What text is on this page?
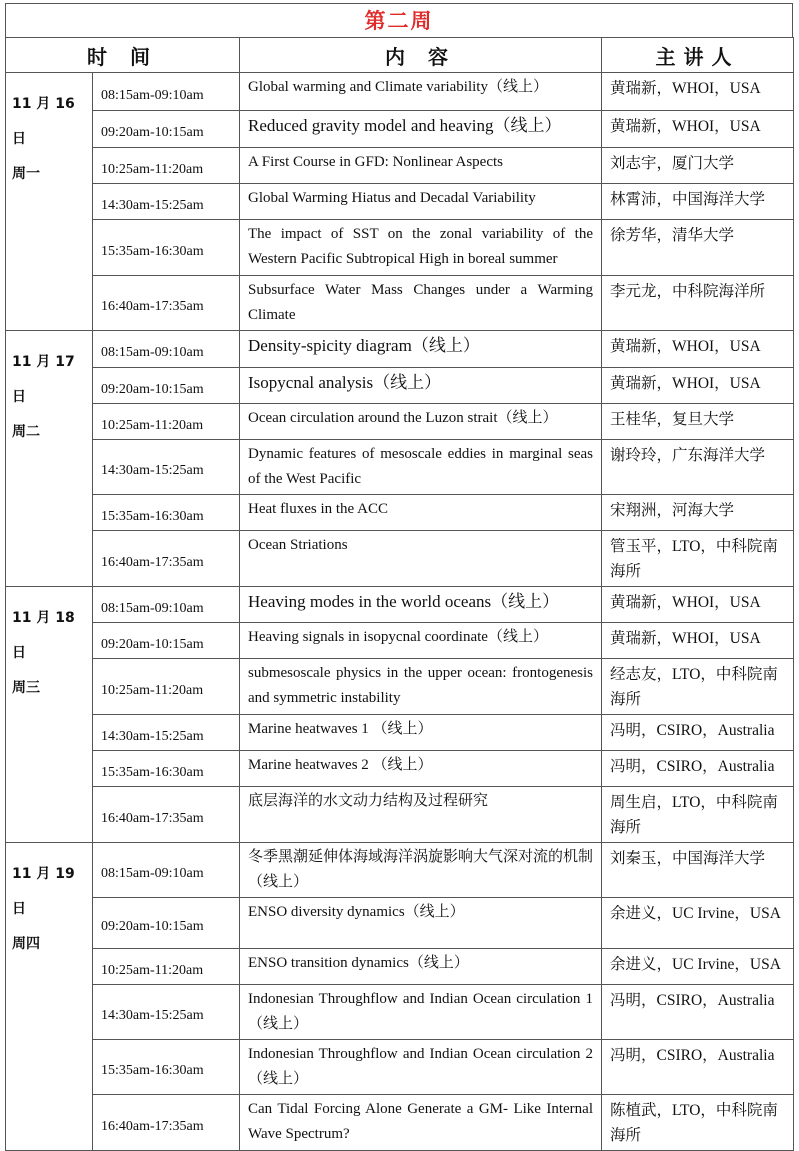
第二周
时 间		内 容	主讲人

11 月 16 日
周一	08:15am-09:10am	Global warming and Climate variability（线上）	黄瑞新，WHOI，USA
	09:20am-10:15am	Reduced gravity model and heaving（线上）	黄瑞新，WHOI，USA
	10:25am-11:20am	A First Course in GFD: Nonlinear Aspects	刘志宇，厦门大学
	14:30am-15:25am	Global Warming Hiatus and Decadal Variability	林霄沛，中国海洋大学
	15:35am-16:30am	The impact of SST on the zonal variability of the Western Pacific Subtropical High in boreal summer	徐芳华，清华大学
	16:40am-17:35am	Subsurface Water Mass Changes under a Warming Climate	李元龙，中科院海洋所

11 月 17 日
周二	08:15am-09:10am	Density-spicity diagram（线上）	黄瑞新，WHOI，USA
	09:20am-10:15am	Isopycnal analysis（线上）	黄瑞新，WHOI，USA
	10:25am-11:20am	Ocean circulation around the Luzon strait（线上）	王桂华，复旦大学
	14:30am-15:25am	Dynamic features of mesoscale eddies in marginal seas of the West Pacific	谢玲玲，广东海洋大学
	15:35am-16:30am	Heat fluxes in the ACC	宋翔洲，河海大学
	16:40am-17:35am	Ocean Striations	管玉平，LTO，中科院南海所

11 月 18 日
周三	08:15am-09:10am	Heaving modes in the world oceans（线上）	黄瑞新，WHOI，USA
	09:20am-10:15am	Heaving signals in isopycnal coordinate（线上）	黄瑞新，WHOI，USA
	10:25am-11:20am	submesoscale physics in the upper ocean: frontogenesis and symmetric instability	经志友，LTO，中科院南海所
	14:30am-15:25am	Marine heatwaves 1 （线上）	冯明，CSIRO，Australia
	15:35am-16:30am	Marine heatwaves 2 （线上）	冯明，CSIRO，Australia
	16:40am-17:35am	底层海洋的水文动力结构及过程研究	周生启，LTO，中科院南海所

11 月 19 日
周四	08:15am-09:10am	冬季黑潮延伸体海域海洋涡旋影响大气深对流的机制（线上）	刘秦玉，中国海洋大学
	09:20am-10:15am	ENSO diversity dynamics（线上）	余进义，UC Irvine，USA
	10:25am-11:20am	ENSO transition dynamics（线上）	余进义，UC Irvine，USA
	14:30am-15:25am	Indonesian Throughflow and Indian Ocean circulation 1 （线上）	冯明，CSIRO，Australia
	15:35am-16:30am	Indonesian Throughflow and Indian Ocean circulation 2 （线上）	冯明，CSIRO，Australia
	16:40am-17:35am	Can Tidal Forcing Alone Generate a GM- Like Internal Wave Spectrum?	陈植武，LTO，中科院南海所
